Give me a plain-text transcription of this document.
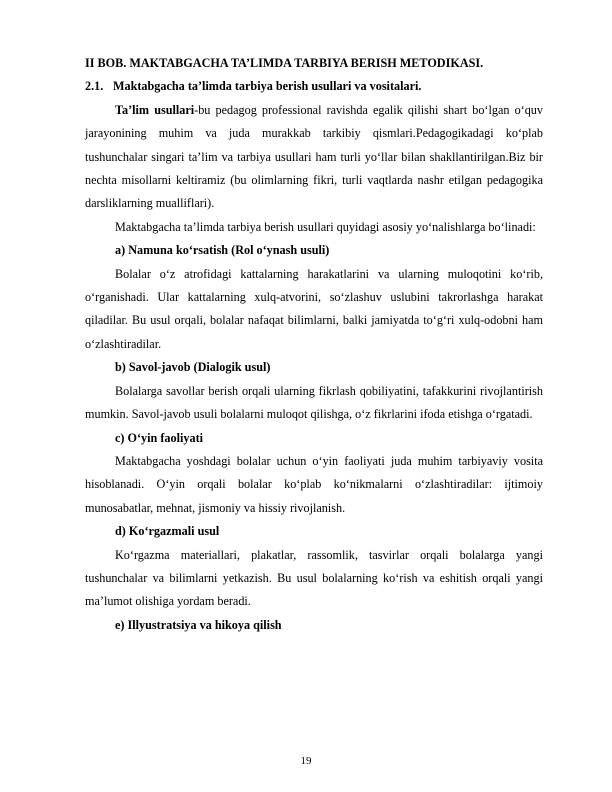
II BOB. MAKTABGACHA TA’LIMDA TARBIYA BERISH METODIKASI.
2.1. Maktabgacha ta’limda tarbiya berish usullari va vositalari.

Ta’lim usullari-bu pedagog professional ravishda egalik qilishi shart bo‘lgan o‘quv jarayonining muhim va juda murakkab tarkibiy qismlari.Pedagogikadagi ko‘plab tushunchalar singari ta’lim va tarbiya usullari ham turli yo‘llar bilan shakllantirilgan.Biz bir nechta misollarni keltiramiz (bu olimlarning fikri, turli vaqtlarda nashr etilgan pedagogika darsliklarning mualliflari).

Maktabgacha ta’limda tarbiya berish usullari quyidagi asosiy yo‘nalishlarga bo‘linadi:

a) Namuna ko‘rsatish (Rol o‘ynash usuli)

Bolalar o‘z atrofidagi kattalarning harakatlarini va ularning muloqotini ko‘rib, o‘rganishadi. Ular kattalarning xulq-atvorini, so‘zlashuv uslubini takrorlashga harakat qiladilar. Bu usul orqali, bolalar nafaqat bilimlarni, balki jamiyatda to‘g‘ri xulq-odobni ham o‘zlashtiradilar.

b) Savol-javob (Dialogik usul)

Bolalarga savollar berish orqali ularning fikrlash qobiliyatini, tafakkurini rivojlantirish mumkin. Savol-javob usuli bolalarni muloqot qilishga, o‘z fikrlarini ifoda etishga o‘rgatadi.

c) O‘yin faoliyati

Maktabgacha yoshdagi bolalar uchun o‘yin faoliyati juda muhim tarbiyaviy vosita hisoblanadi. O‘yin orqali bolalar ko‘plab ko‘nikmalarni o‘zlashtiradilar: ijtimoiy munosabatlar, mehnat, jismoniy va hissiy rivojlanish.

d) Ko‘rgazmali usul

Ko‘rgazma materiallari, plakatlar, rassomlik, tasvirlar orqali bolalarga yangi tushunchalar va bilimlarni yetkazish. Bu usul bolalarning ko‘rish va eshitish orqali yangi ma’lumot olishiga yordam beradi.

e) Illyustratsiya va hikoya qilish
19
